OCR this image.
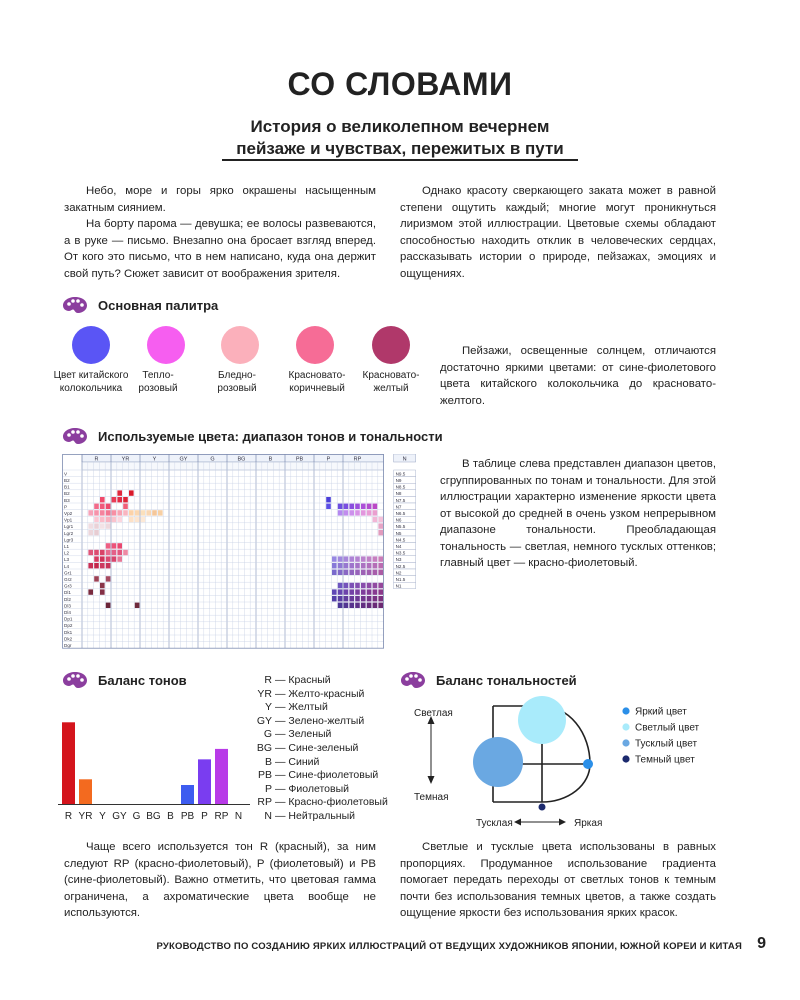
СО СЛОВАМИ
История о великолепном вечернем
пейзаже и чувствах, пережитых в пути

Небо, море и горы ярко окрашены насыщенным закатным сиянием.

На борту парома — девушка; ее волосы развеваются, а в руке — письмо. Внезапно она бросает взгляд вперед. От кого это письмо, что в нем написано, куда она держит свой путь? Сюжет зависит от воображения зрителя.

Однако красоту сверкающего заката может в равной степени ощутить каждый; многие могут проникнуться лиризмом этой иллюстрации. Цветовые схемы обладают способностью находить отклик в человеческих сердцах, рассказывать истории о природе, пейзажах, эмоциях и ощущениях.

Основная палитра
Цвет китайского колокольчика
Тепло-розовый
Бледно-розовый
Красновато-коричневый
Красновато-желтый

Пейзажи, освещенные солнцем, отличаются достаточно яркими цветами: от сине-фиолетового цвета китайского колокольчика до красновато-желтого.

Используемые цвета: диапазон тонов и тональности
R	YR	Y	GY	G	BG	B	PB	P	RP
V
B2
B1
B2
B3
P
Vp2
Vp1
Lgr1
Lgr2
Lgr3
L1
L2
L3
L4
Gr1
Gr2
Gr3
Dl1
Dl2
Dl3
Dl4
Dp1
Dp2
Dk1
Dk2
Dgr
N
N9.5
N9
N8.5
N8
N7.5
N7
N6.5
N6
N5.5
N5
N4.5
N4
N3.5
N3
N2.5
N2
N1.5
N1

В таблице слева представлен диапазон цветов, сгруппированных по тонам и тональности. Для этой иллюстрации характерно изменение яркости цвета от высокой до средней в очень узком непрерывном диапазоне тональности. Преобладающая тональность — светлая, немного тусклых оттенков; главный цвет — красно-фиолетовый.

Баланс тонов
R YR Y GY G BG B PB P RP N
R — Красный
YR — Желто-красный
Y — Желтый
GY — Зелено-желтый
G — Зеленый
BG — Сине-зеленый
B — Синий
PB — Сине-фиолетовый
P — Фиолетовый
RP — Красно-фиолетовый
N — Нейтральный

Чаще всего используется тон R (красный), за ним следуют RP (красно-фиолетовый), P (фиолетовый) и PB (сине-фиолетовый). Важно отметить, что цветовая гамма ограничена, а ахроматические цвета вообще не используются.

Баланс тональностей
Светлая
Темная
Тусклая	Яркая
Яркий цвет
Светлый цвет
Тусклый цвет
Темный цвет

Светлые и тусклые цвета использованы в равных пропорциях. Продуманное использование градиента помогает передать переходы от светлых тонов к темным почти без использования темных цветов, а также создать ощущение яркости без использования ярких красок.

РУКОВОДСТВО ПО СОЗДАНИЮ ЯРКИХ ИЛЛЮСТРАЦИЙ ОТ ВЕДУЩИХ ХУДОЖНИКОВ ЯПОНИИ, ЮЖНОЙ КОРЕИ И КИТАЯ 9
